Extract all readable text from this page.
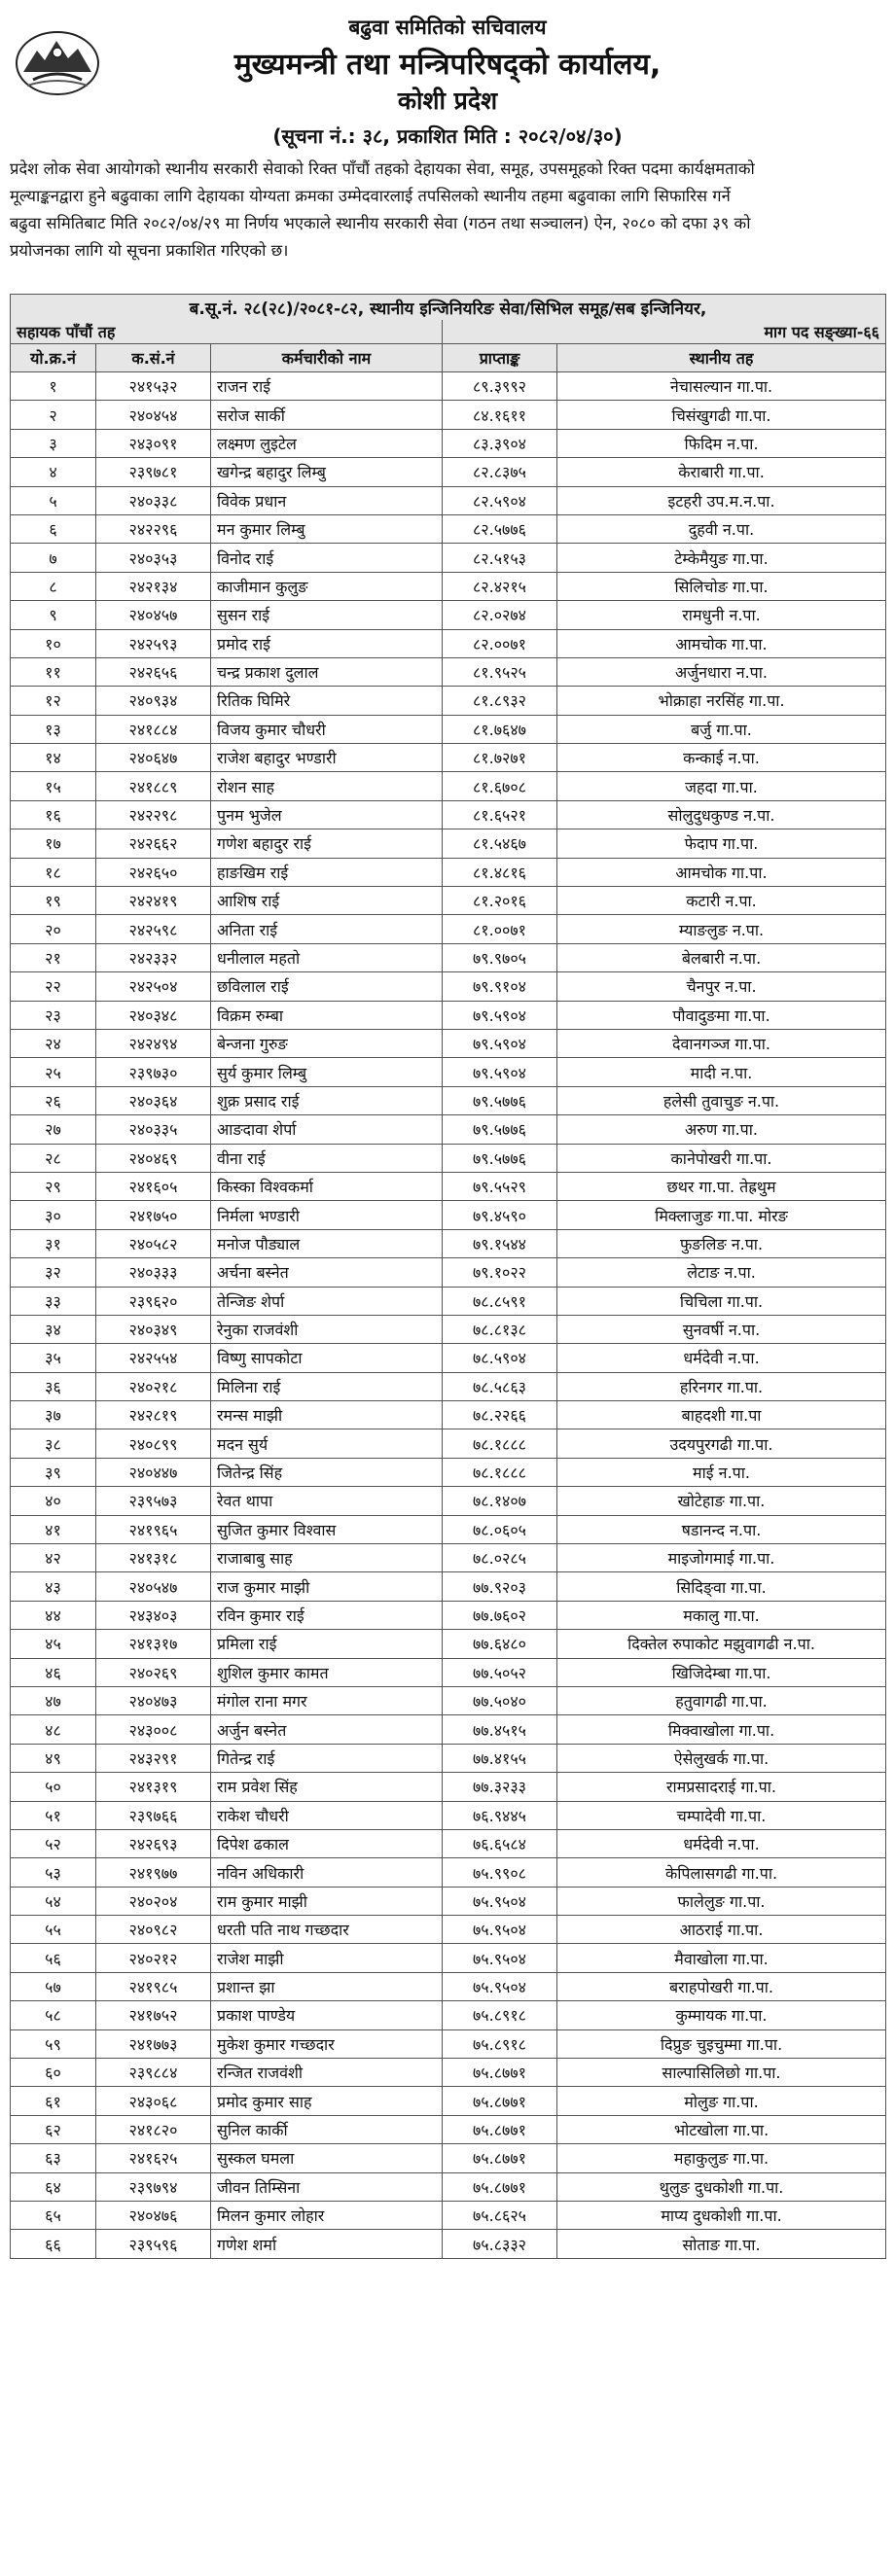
बढुवा समितिको सचिवालय
मुख्यमन्त्री तथा मन्त्रिपरिषद्को कार्यालय,
कोशी प्रदेश
(सूचना नं.: ३८, प्रकाशित मिति : २०८२/०४/३०)

प्रदेश लोक सेवा आयोगको स्थानीय सरकारी सेवाको रिक्त पाँचौं तहको देहायका सेवा, समूह, उपसमूहको रिक्त पदमा कार्यक्षमताको

मूल्याङ्कनद्वारा हुने बढुवाका लागि देहायका योग्यता क्रमका उम्मेदवारलाई तपसिलको स्थानीय तहमा बढुवाका लागि सिफारिस गर्ने

बढुवा समितिबाट मिति २०८२/०४/२९ मा निर्णय भएकाले स्थानीय सरकारी सेवा (गठन तथा सञ्चालन) ऐन, २०८० को दफा ३९ को

प्रयोजनका लागि यो सूचना प्रकाशित गरिएको छ।

ब.सू.नं. २८(२८)/२०८१-८२, स्थानीय इन्जिनियरिङ सेवा/सिभिल समूह/सब इन्जिनियर,				
सहायक पाँचौं तह			माग पद सङ्ख्या-६६	
यो.क्र.नं	क.सं.नं	कर्मचारीको नाम	प्राप्ताङ्क	स्थानीय तह
१	२४१५३२	राजन राई	८९.३९९२	नेचासल्यान गा.पा.
२	२४०४५४	सरोज सार्की	८४.१६११	चिसंखुगढी गा.पा.
३	२४३०९१	लक्ष्मण लुइटेल	८३.३९०४	फिदिम न.पा.
४	२३९७८१	खगेन्द्र बहादुर लिम्बु	८२.८३७५	केराबारी गा.पा.
५	२४०३३८	विवेक प्रधान	८२.५९०४	इटहरी उप.म.न.पा.
६	२४२२९६	मन कुमार लिम्बु	८२.५७७६	दुहवी न.पा.
७	२४०३५३	विनोद राई	८२.५१५३	टेम्केमैयुङ गा.पा.
८	२४२१३४	काजीमान कुलुङ	८२.४२१५	सिलिचोङ गा.पा.
९	२४०४५७	सुसन राई	८२.०२७४	रामधुनी न.पा.
१०	२४२५९३	प्रमोद राई	८२.००७१	आमचोक गा.पा.
११	२४२६५६	चन्द्र प्रकाश दुलाल	८१.९५२५	अर्जुनधारा न.पा.
१२	२४०९३४	रितिक घिमिरे	८१.८९३२	भोक्राहा नरसिंह गा.पा.
१३	२४१८८४	विजय कुमार चौधरी	८१.७६४७	बर्जु गा.पा.
१४	२४०६४७	राजेश बहादुर भण्डारी	८१.७२७१	कन्काई न.पा.
१५	२४१८८९	रोशन साह	८१.६७०८	जहदा गा.पा.
१६	२४२२९८	पुनम भुजेल	८१.६५२१	सोलुदुधकुण्ड न.पा.
१७	२४२६६२	गणेश बहादुर राई	८१.५४६७	फेदाप गा.पा.
१८	२४२६५०	हाङखिम राई	८१.४८१६	आमचोक गा.पा.
१९	२४२४१९	आशिष राई	८१.२०१६	कटारी न.पा.
२०	२४२५९८	अनिता राई	८१.००७१	म्याङलुङ न.पा.
२१	२४२३३२	धनीलाल महतो	७९.९७०५	बेलबारी न.पा.
२२	२४२५०४	छविलाल राई	७९.९१०४	चैनपुर न.पा.
२३	२४०३४८	विक्रम रुम्बा	७९.५९०४	पौवादुङमा गा.पा.
२४	२४२४९४	बेन्जना गुरुङ	७९.५९०४	देवानगञ्ज गा.पा.
२५	२३९७३०	सुर्य कुमार लिम्बु	७९.५९०४	मादी न.पा.
२६	२४०३६४	शुक्र प्रसाद राई	७९.५७७६	हलेसी तुवाचुङ न.पा.
२७	२४०३३५	आङदावा शेर्पा	७९.५७७६	अरुण गा.पा.
२८	२४०४६९	वीना राई	७९.५७७६	कानेपोखरी गा.पा.
२९	२४१६०५	किस्का विश्वकर्मा	७९.५५२९	छथर गा.पा. तेह्रथुम
३०	२४१७५०	निर्मला भण्डारी	७९.४५९०	मिक्लाजुङ गा.पा. मोरङ
३१	२४०५८२	मनोज पौड्याल	७९.१५४४	फुङलिङ न.पा.
३२	२४०३३३	अर्चना बस्नेत	७९.१०२२	लेटाङ न.पा.
३३	२३९६२०	तेन्जिङ शेर्पा	७८.८५९१	चिचिला गा.पा.
३४	२४०३४९	रेनुका राजवंशी	७८.८१३८	सुनवर्षी न.पा.
३५	२४२५५४	विष्णु सापकोटा	७८.५९०४	धर्मदेवी न.पा.
३६	२४०२१८	मिलिना राई	७८.५८६३	हरिनगर गा.पा.
३७	२४२८१९	रमन्स माझी	७८.२२६६	बाहदशी गा.पा
३८	२४०८९९	मदन सुर्य	७८.१८८८	उदयपुरगढी गा.पा.
३९	२४०४४७	जितेन्द्र सिंह	७८.१८८८	माई न.पा.
४०	२३९५७३	रेवत थापा	७८.१४०७	खोटेहाङ गा.पा.
४१	२४१९६५	सुजित कुमार विश्वास	७८.०६०५	षडानन्द न.पा.
४२	२४१३१८	राजाबाबु साह	७८.०२८५	माइजोगमाई गा.पा.
४३	२४०५४७	राज कुमार माझी	७७.९२०३	सिदिङ्वा गा.पा.
४४	२४३४०३	रविन कुमार राई	७७.७६०२	मकालु गा.पा.
४५	२४१३१७	प्रमिला राई	७७.६४८०	दिक्तेल रुपाकोट मझुवागढी न.पा.
४६	२४०२६९	शुशिल कुमार कामत	७७.५०५२	खिजिदेम्बा गा.पा.
४७	२४०४७३	मंगोल राना मगर	७७.५०४०	हतुवागढी गा.पा.
४८	२४३००८	अर्जुन बस्नेत	७७.४५१५	मिक्वाखोला गा.पा.
४९	२४३२९१	गितेन्द्र राई	७७.४१५५	ऐसेलुखर्क गा.पा.
५०	२४१३१९	राम प्रवेश सिंह	७७.३२३३	रामप्रसादराई गा.पा.
५१	२३९७६६	राकेश चौधरी	७६.९४४५	चम्पादेवी गा.पा.
५२	२४२६९३	दिपेश ढकाल	७६.६५८४	धर्मदेवी न.पा.
५३	२४१९७७	नविन अधिकारी	७५.९९०८	केपिलासगढी गा.पा.
५४	२४०२०४	राम कुमार माझी	७५.९५०४	फालेलुङ गा.पा.
५५	२४०९८२	धरती पति नाथ गच्छदार	७५.९५०४	आठराई गा.पा.
५६	२४०२१२	राजेश माझी	७५.९५०४	मैवाखोला गा.पा.
५७	२४१९८५	प्रशान्त झा	७५.९५०४	बराहपोखरी गा.पा.
५८	२४१७५२	प्रकाश पाण्डेय	७५.८९१८	कुम्मायक गा.पा.
५९	२४१७७३	मुकेश कुमार गच्छदार	७५.८९१८	दिप्रुङ चुइचुम्मा गा.पा.
६०	२३९८८४	रन्जित राजवंशी	७५.८७७१	साल्पासिलिछो गा.पा.
६१	२४३०६८	प्रमोद कुमार साह	७५.८७७१	मोलुङ गा.पा.
६२	२४१८२०	सुनिल कार्की	७५.८७७१	भोटखोला गा.पा.
६३	२४१६२५	सुस्कल घमला	७५.८७७१	महाकुलुङ गा.पा.
६४	२३९७९४	जीवन तिम्सिना	७५.८७७१	थुलुङ दुधकोशी गा.पा.
६५	२४०४७६	मिलन कुमार लोहार	७५.८६२५	माप्य दुधकोशी गा.पा.
६६	२३९५९६	गणेश शर्मा	७५.८३३२	सोताङ गा.पा.
